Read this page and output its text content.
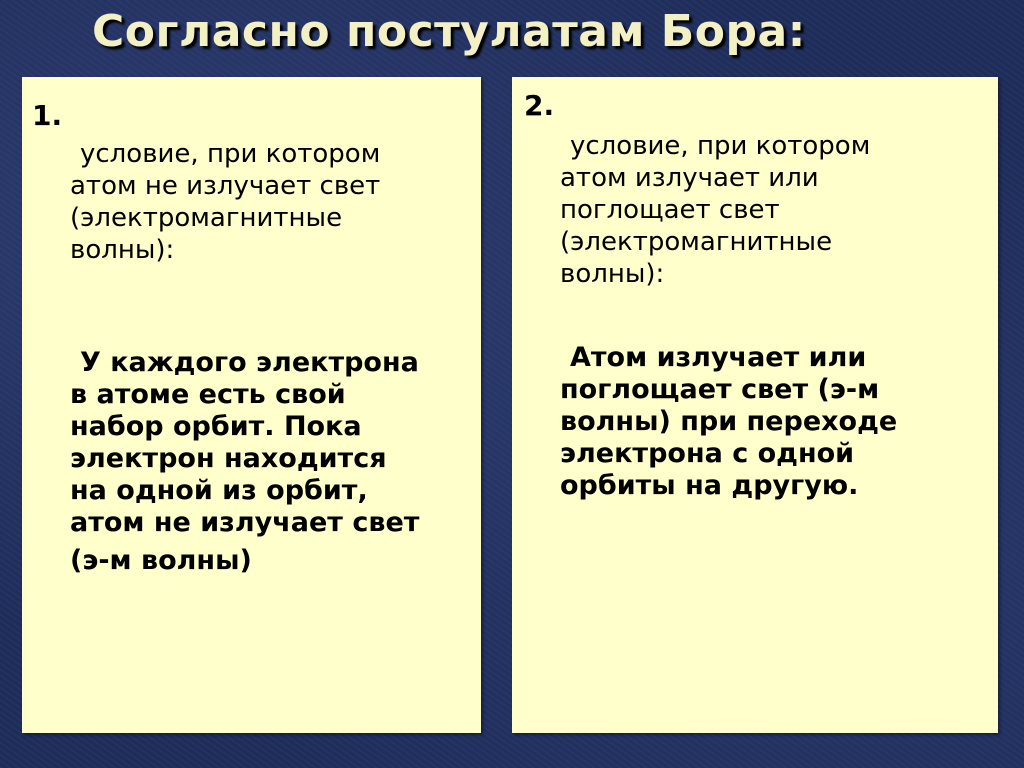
Согласно постулатам Бора:
1.

условие, при котором
атом не излучает свет
(электромагнитные
волны):

У каждого электрона
в атоме есть свой
набор орбит. Пока
электрон находится
на одной из орбит,
атом не излучает свет
(э-м волны)

2.

условие, при котором
атом излучает или
поглощает свет
(электромагнитные
волны):

Атом излучает или
поглощает свет (э-м
волны) при переходе
электрона с одной
орбиты на другую.
